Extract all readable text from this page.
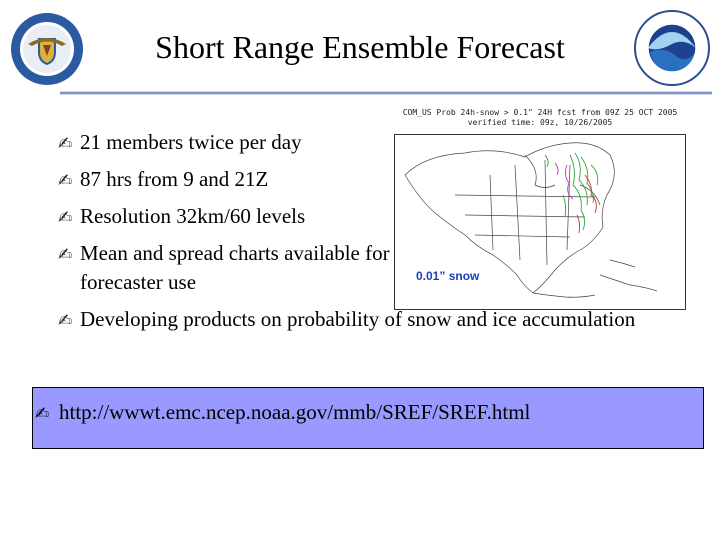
Short Range Ensemble Forecast
COM_US Prob 24h-snow > 0.1" 24H fcst from 09Z 25 OCT 2005
verified time: 09z, 10/26/2005
0.01” snow
✍ 21 members twice per day
✍ 87 hrs from 9 and 21Z
✍ Resolution 32km/60 levels
✍ Mean and spread charts available for forecaster use
✍ Developing products on probability of snow and ice accumulation
✍ http://wwwt.emc.ncep.noaa.gov/mmb/SREF/SREF.html
